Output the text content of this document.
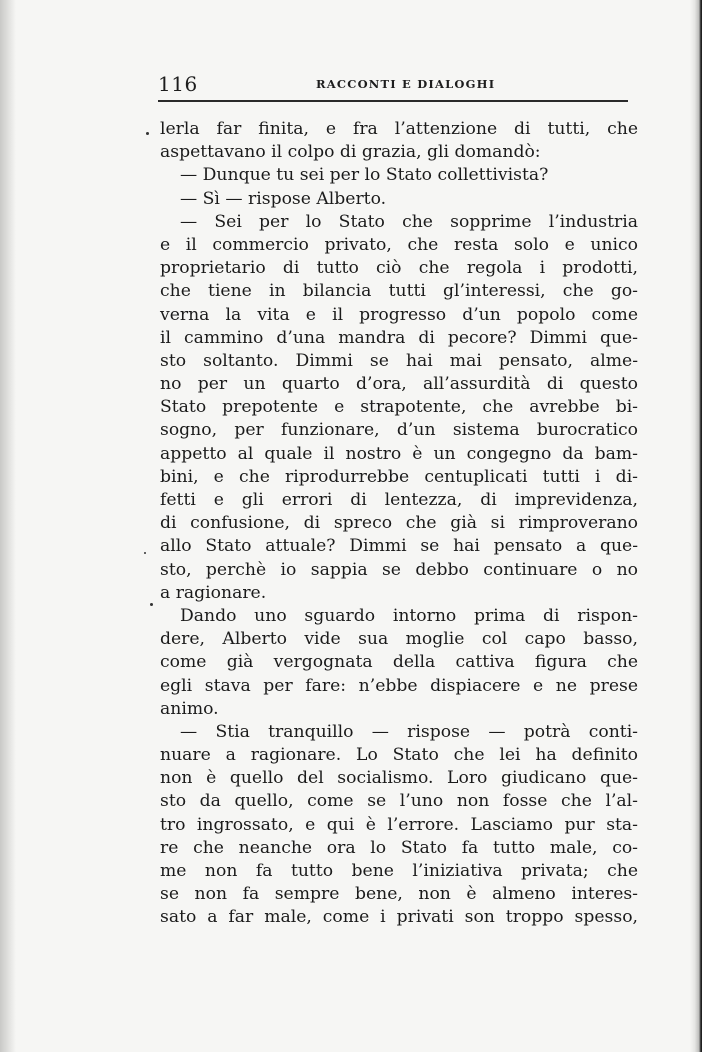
116	RACCONTI E DIALOGHI
lerla far finita, e fra l’attenzione di tutti, che
aspettavano il colpo di grazia, gli domandò:
— Dunque tu sei per lo Stato collettivista?
— Sì — rispose Alberto.
— Sei per lo Stato che sopprime l’industria
e il commercio privato, che resta solo e unico
proprietario di tutto ciò che regola i prodotti,
che tiene in bilancia tutti gl’interessi, che go-
verna la vita e il progresso d’un popolo come
il cammino d’una mandra di pecore? Dimmi que-
sto soltanto. Dimmi se hai mai pensato, alme-
no per un quarto d’ora, all’assurdità di questo
Stato prepotente e strapotente, che avrebbe bi-
sogno, per funzionare, d’un sistema burocratico
appetto al quale il nostro è un congegno da bam-
bini, e che riprodurrebbe centuplicati tutti i di-
fetti e gli errori di lentezza, di imprevidenza,
di confusione, di spreco che già si rimproverano
allo Stato attuale? Dimmi se hai pensato a que-
sto, perchè io sappia se debbo continuare o no
a ragionare.
Dando uno sguardo intorno prima di rispon-
dere, Alberto vide sua moglie col capo basso,
come già vergognata della cattiva figura che
egli stava per fare: n’ebbe dispiacere e ne prese
animo.
— Stia tranquillo — rispose — potrà conti-
nuare a ragionare. Lo Stato che lei ha definito
non è quello del socialismo. Loro giudicano que-
sto da quello, come se l’uno non fosse che l’al-
tro ingrossato, e qui è l’errore. Lasciamo pur sta-
re che neanche ora lo Stato fa tutto male, co-
me non fa tutto bene l’iniziativa privata; che
se non fa sempre bene, non è almeno interes-
sato a far male, come i privati son troppo spesso,
